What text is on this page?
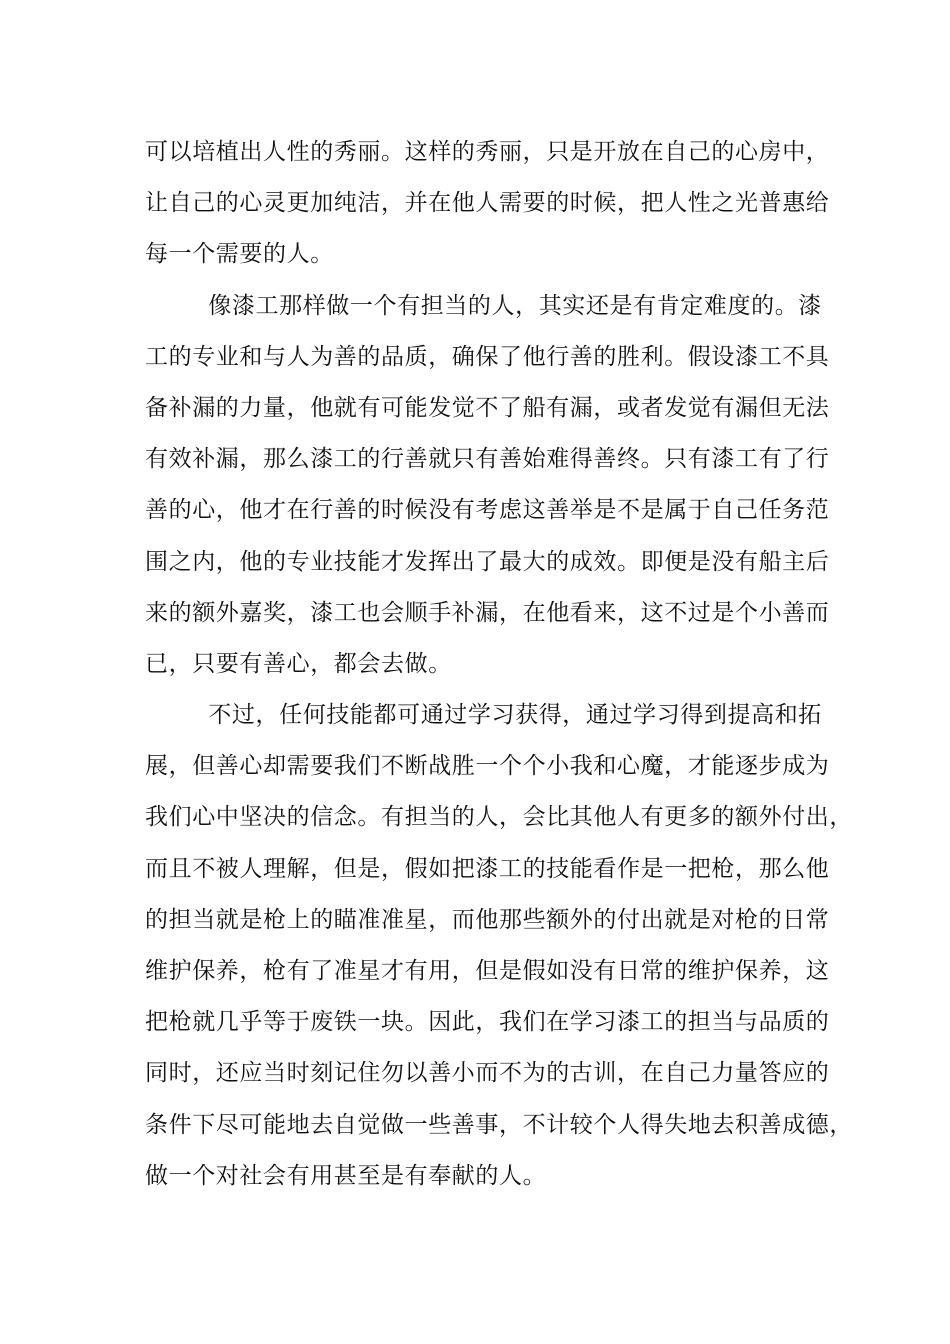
可以培植出人性的秀丽。这样的秀丽，只是开放在自己的心房中，
让自己的心灵更加纯洁，并在他人需要的时候，把人性之光普惠给
每一个需要的人。
像漆工那样做一个有担当的人，其实还是有肯定难度的。漆
工的专业和与人为善的品质，确保了他行善的胜利。假设漆工不具
备补漏的力量，他就有可能发觉不了船有漏，或者发觉有漏但无法
有效补漏，那么漆工的行善就只有善始难得善终。只有漆工有了行
善的心，他才在行善的时候没有考虑这善举是不是属于自己任务范
围之内，他的专业技能才发挥出了最大的成效。即便是没有船主后
来的额外嘉奖，漆工也会顺手补漏，在他看来，这不过是个小善而
已，只要有善心，都会去做。
不过，任何技能都可通过学习获得，通过学习得到提高和拓
展，但善心却需要我们不断战胜一个个小我和心魔，才能逐步成为
我们心中坚决的信念。有担当的人，会比其他人有更多的额外付出，
而且不被人理解，但是，假如把漆工的技能看作是一把枪，那么他
的担当就是枪上的瞄准准星，而他那些额外的付出就是对枪的日常
维护保养，枪有了准星才有用，但是假如没有日常的维护保养，这
把枪就几乎等于废铁一块。因此，我们在学习漆工的担当与品质的
同时，还应当时刻记住勿以善小而不为的古训，在自己力量答应的
条件下尽可能地去自觉做一些善事，不计较个人得失地去积善成德，
做一个对社会有用甚至是有奉献的人。
